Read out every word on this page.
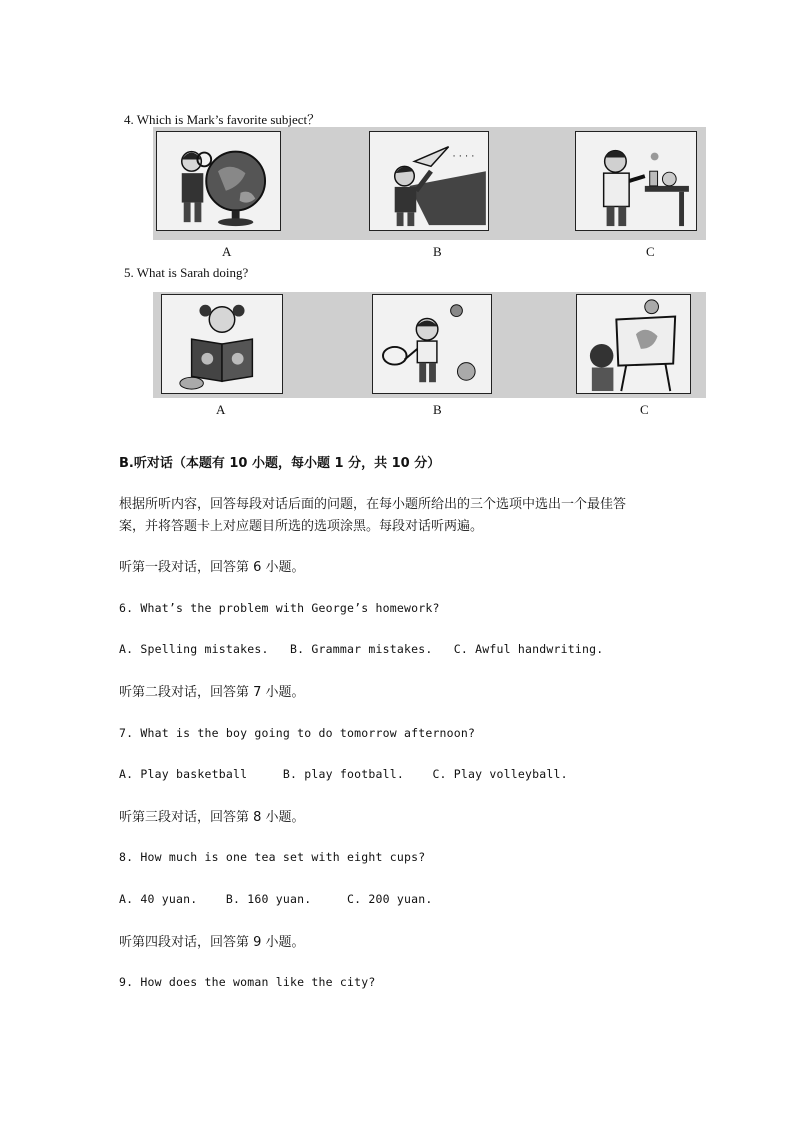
4. Which is Mark’s favorite subject？
· · · ·
A	B	C
5. What is Sarah doing?
A	B	C
B.听对话（本题有 10 小题，每小题 1 分，共 10 分）
根据所听内容，回答每段对话后面的问题，在每小题所给出的三个选项中选出一个最佳答
案，并将答题卡上对应题目所选的选项涂黑。每段对话听两遍。
听第一段对话，回答第 6 小题。
6. What’s the problem with George’s homework?
A. Spelling mistakes.   B. Grammar mistakes.   C. Awful handwriting.
听第二段对话，回答第 7 小题。
7. What is the boy going to do tomorrow afternoon?
A. Play basketball     B. play football.    C. Play volleyball.
听第三段对话，回答第 8 小题。
8. How much is one tea set with eight cups?
A. 40 yuan.    B. 160 yuan.     C. 200 yuan.
听第四段对话，回答第 9 小题。
9. How does the woman like the city?
